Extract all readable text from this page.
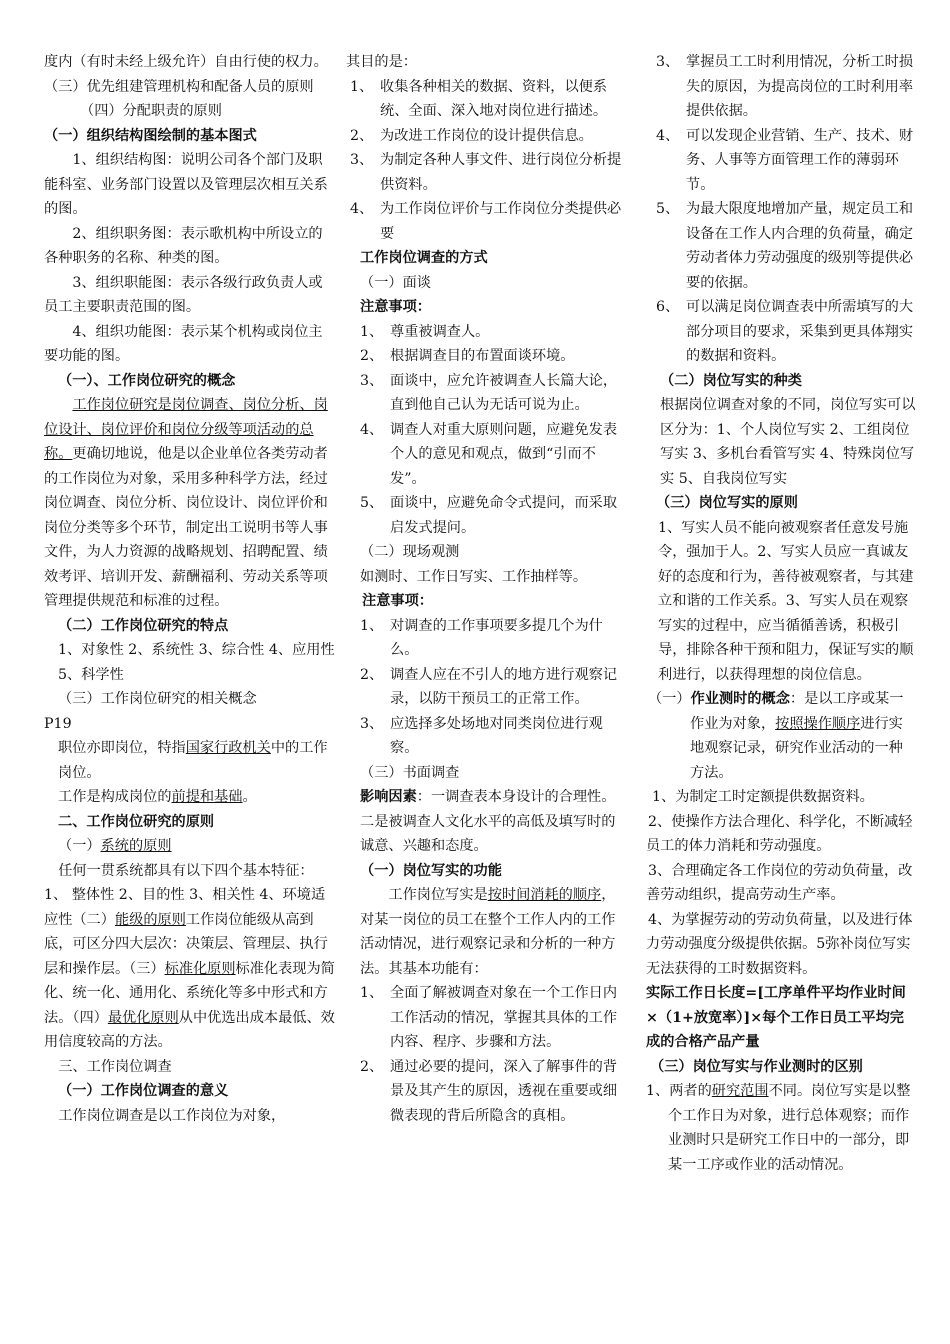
度内（有时未经上级允许）自由行使的权力。

（三）优先组建管理机构和配备人员的原则

（四）分配职责的原则

（一）组织结构图绘制的基本图式

1、组织结构图：说明公司各个部门及职能科室、业务部门设置以及管理层次相互关系的图。

2、组织职务图：表示歌机构中所设立的各种职务的名称、种类的图。

3、组织职能图：表示各级行政负责人或员工主要职责范围的图。

4、组织功能图：表示某个机构或岗位主要功能的图。

（一）、工作岗位研究的概念

工作岗位研究是岗位调查、岗位分析、岗位设计、岗位评价和岗位分级等项活动的总称。更确切地说，他是以企业单位各类劳动者的工作岗位为对象，采用多种科学方法，经过岗位调查、岗位分析、岗位设计、岗位评价和岗位分类等多个环节，制定出工说明书等人事文件，为人力资源的战略规划、招聘配置、绩效考评、培训开发、薪酬福利、劳动关系等项管理提供规范和标准的过程。

（二）工作岗位研究的特点

1、对象性 2、系统性 3、综合性 4、应用性 5、科学性

（三）工作岗位研究的相关概念

P19

职位亦即岗位，特指国家行政机关中的工作岗位。

工作是构成岗位的前提和基础。

二、工作岗位研究的原则

（一）系统的原则

任何一贯系统都具有以下四个基本特征：1、 整体性 2、目的性 3、相关性 4、环境适应性（二）能级的原则工作岗位能级从高到底，可区分四大层次：决策层、管理层、执行层和操作层。（三）标准化原则标准化表现为简化、统一化、通用化、系统化等多中形式和方法。（四）最优化原则从中优选出成本最低、效用信度较高的方法。

三、工作岗位调查

（一）工作岗位调查的意义

工作岗位调查是以工作岗位为对象，

其目的是：

1、 收集各种相关的数据、资料，以便系统、全面、深入地对岗位进行描述。
2、 为改进工作岗位的设计提供信息。
3、 为制定各种人事文件、进行岗位分析提供资料。
4、 为工作岗位评价与工作岗位分类提供必要

工作岗位调查的方式

（一）面谈

注意事项：

1、 尊重被调查人。
2、 根据调查目的布置面谈环境。
3、 面谈中，应允许被调查人长篇大论，直到他自己认为无话可说为止。
4、 调查人对重大原则问题，应避免发表个人的意见和观点，做到“引而不发”。
5、 面谈中，应避免命令式提问，而采取启发式提问。

（二）现场观测

如测时、工作日写实、工作抽样等。

注意事项：

1、 对调查的工作事项要多提几个为什么。
2、 调查人应在不引人的地方进行观察记录，以防干预员工的正常工作。
3、 应选择多处场地对同类岗位进行观察。

（三）书面调查

影响因素：一调查表本身设计的合理性。二是被调查人文化水平的高低及填写时的诚意、兴趣和态度。

（一）岗位写实的功能

工作岗位写实是按时间消耗的顺序，对某一岗位的员工在整个工作人内的工作活动情况，进行观察记录和分析的一种方法。其基本功能有：

1、 全面了解被调查对象在一个工作日内工作活动的情况，掌握其具体的工作内容、程序、步骤和方法。
2、 通过必要的提问，深入了解事件的背景及其产生的原因，透视在重要或细微表现的背后所隐含的真相。
3、 掌握员工工时利用情况，分析工时损失的原因，为提高岗位的工时利用率提供依据。
4、 可以发现企业营销、生产、技术、财务、人事等方面管理工作的薄弱环节。
5、 为最大限度地增加产量，规定员工和设备在工作人内合理的负荷量，确定劳动者体力劳动强度的级别等提供必要的依据。
6、 可以满足岗位调查表中所需填写的大部分项目的要求，采集到更具体翔实的数据和资料。

（二）岗位写实的种类

根据岗位调查对象的不同，岗位写实可以区分为：1、个人岗位写实 2、工组岗位写实 3、多机台看管写实 4、特殊岗位写实 5、自我岗位写实

（三）岗位写实的原则

1、写实人员不能向被观察者任意发号施令，强加于人。2、写实人员应一真诚友好的态度和行为，善待被观察者，与其建立和谐的工作关系。3、写实人员在观察写实的过程中，应当循循善诱，积极引导，排除各种干预和阻力，保证写实的顺利进行，以获得理想的岗位信息。

（一）作业测时的概念：是以工序或某一作业为对象，按照操作顺序进行实地观察记录，研究作业活动的一种方法。

1、为制定工时定额提供数据资料。

2、使操作方法合理化、科学化，不断减轻员工的体力消耗和劳动强度。

3、合理确定各工作岗位的劳动负荷量，改善劳动组织，提高劳动生产率。

4、为掌握劳动的劳动负荷量，以及进行体力劳动强度分级提供依据。5弥补岗位写实无法获得的工时数据资料。

实际工作日长度=[工序单件平均作业时间×（1+放宽率）]×每个工作日员工平均完成的合格产品产量

（三）岗位写实与作业测时的区别

1、两者的研究范围不同。岗位写实是以整个工作日为对象，进行总体观察；而作业测时只是研究工作日中的一部分，即某一工序或作业的活动情况。
